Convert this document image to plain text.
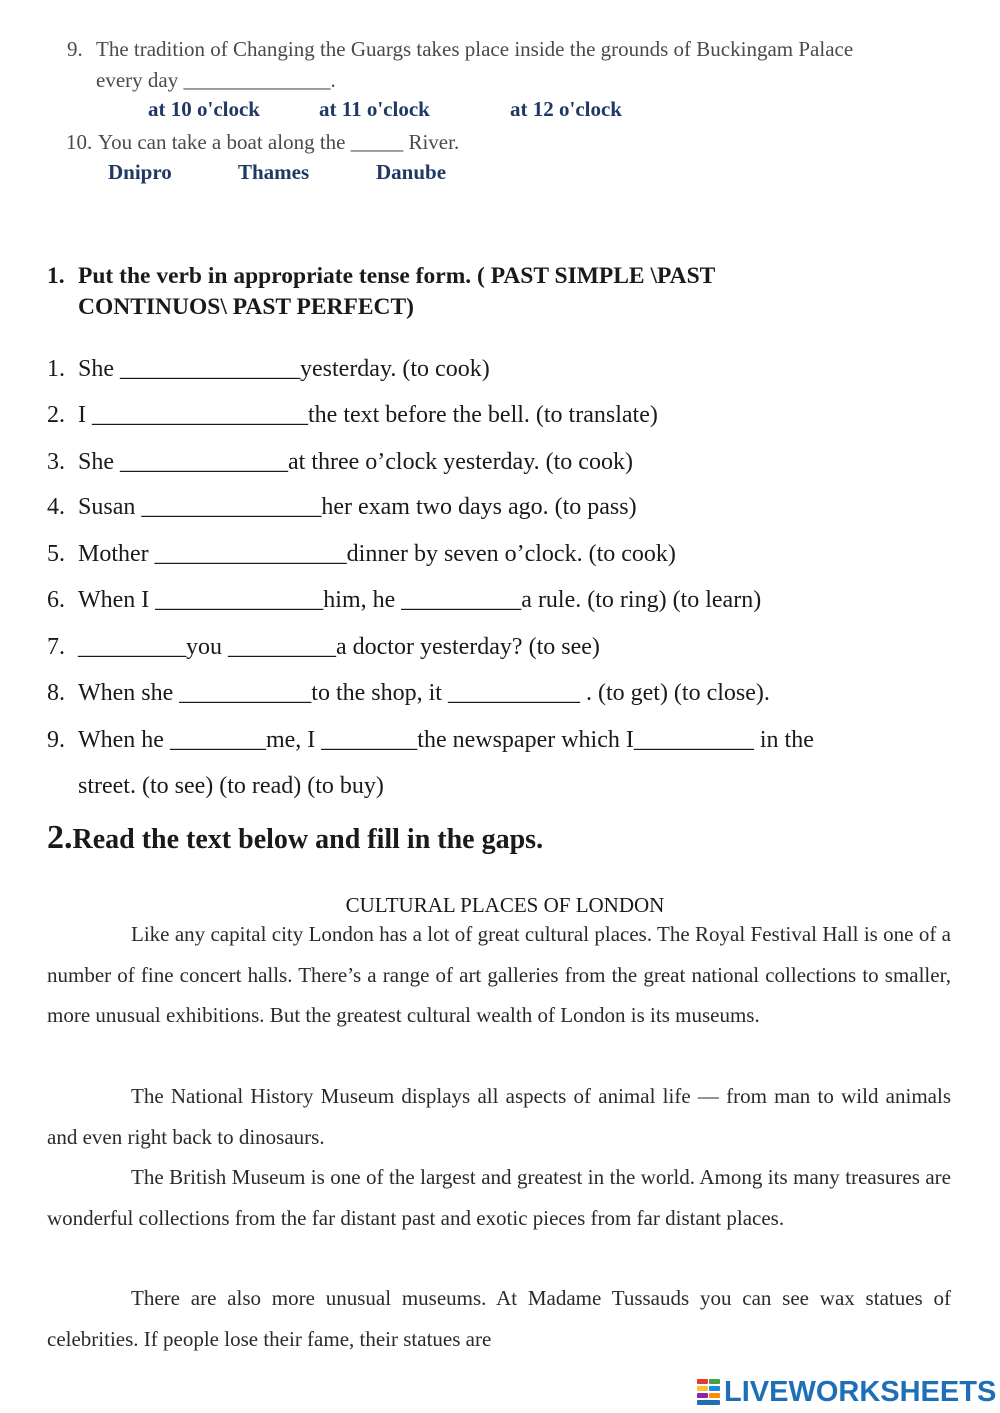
9. The tradition of Changing the Guargs takes place inside the grounds of Buckingam Palace
every day ______________.
at 10 o'clock	at 11 o'clock	at 12 o'clock
10. You can take a boat along the _____ River.
Dnipro	Thames	Danube
1. Put the verb in appropriate tense form. ( PAST SIMPLE \PAST
CONTINUOS\ PAST PERFECT)
1. She _______________yesterday. (to cook)
2. I __________________the text before the bell. (to translate)
3. She ______________at three o’clock yesterday. (to cook)
4. Susan _______________her exam two days ago. (to pass)
5. Mother ________________dinner by seven o’clock. (to cook)
6. When I ______________him, he __________a rule. (to ring) (to learn)
7. _________you _________a doctor yesterday? (to see)
8. When she ___________to the shop, it ___________ . (to get) (to close).
9. When he ________me, I ________the newspaper which I__________ in the
street. (to see) (to read) (to buy)
2.Read the text below and fill in the gaps.
CULTURAL PLACES OF LONDON
Like any capital city London has a lot of great cultural places. The Royal Festival Hall is one of a number of fine concert halls. There’s a range of art galleries from the great national collections to smaller, more unusual exhibitions. But the greatest cultural wealth of London is its museums.
The National History Museum displays all aspects of animal life — from man to wild animals and even right back to dinosaurs.
The British Museum is one of the largest and greatest in the world. Among its many treasures are wonderful collections from the far distant past and exotic pieces from far distant places.
There are also more unusual museums. At Madame Tussauds you can see wax statues of celebrities. If people lose their fame, their statues are
LIVEWORKSHEETS
